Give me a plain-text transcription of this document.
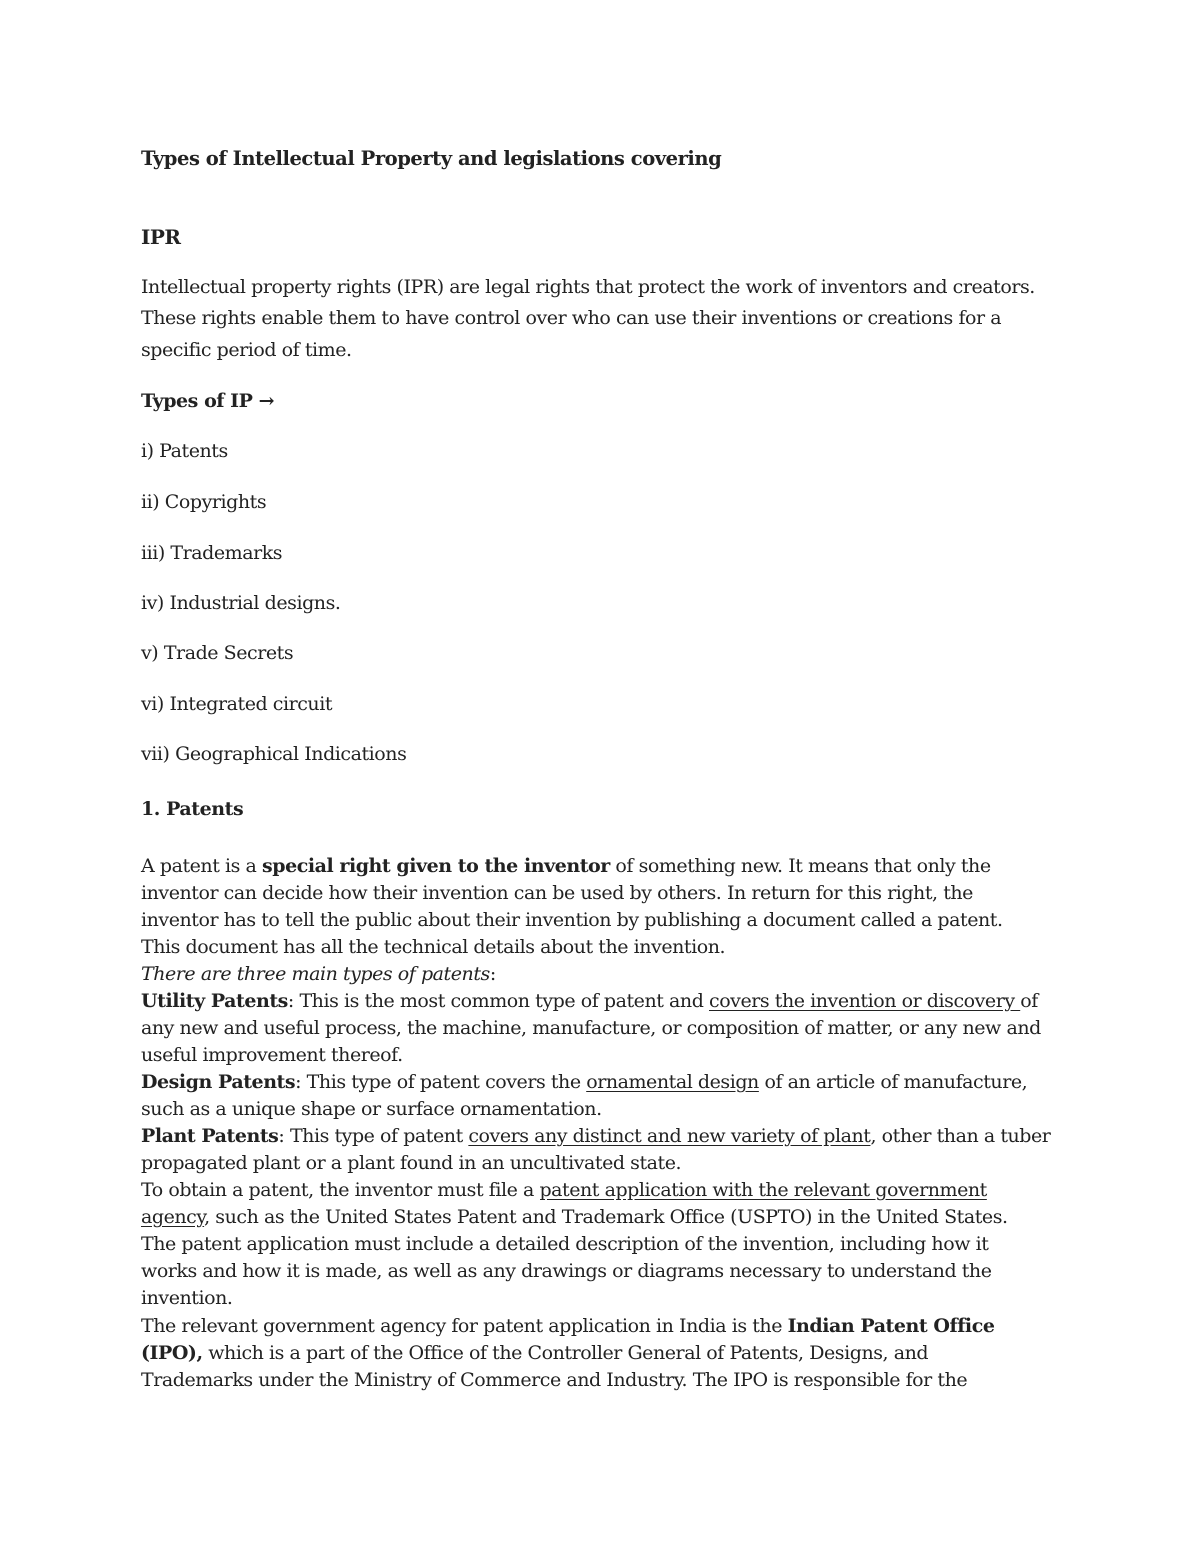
Types of Intellectual Property and legislations covering
IPR
Intellectual property rights (IPR) are legal rights that protect the work of inventors and creators.
These rights enable them to have control over who can use their inventions or creations for a
specific period of time.
Types of IP →
i) Patents
ii) Copyrights
iii) Trademarks
iv) Industrial designs.
v) Trade Secrets
vi) Integrated circuit
vii) Geographical Indications
1. Patents
A patent is a special right given to the inventor of something new. It means that only the
inventor can decide how their invention can be used by others. In return for this right, the
inventor has to tell the public about their invention by publishing a document called a patent.
This document has all the technical details about the invention.
There are three main types of patents:
Utility Patents: This is the most common type of patent and covers the invention or discovery of
any new and useful process, the machine, manufacture, or composition of matter, or any new and
useful improvement thereof.
Design Patents: This type of patent covers the ornamental design of an article of manufacture,
such as a unique shape or surface ornamentation.
Plant Patents: This type of patent covers any distinct and new variety of plant, other than a tuber
propagated plant or a plant found in an uncultivated state.
To obtain a patent, the inventor must file a patent application with the relevant government
agency, such as the United States Patent and Trademark Office (USPTO) in the United States.
The patent application must include a detailed description of the invention, including how it
works and how it is made, as well as any drawings or diagrams necessary to understand the
invention.
The relevant government agency for patent application in India is the Indian Patent Office
(IPO), which is a part of the Office of the Controller General of Patents, Designs, and
Trademarks under the Ministry of Commerce and Industry. The IPO is responsible for the
